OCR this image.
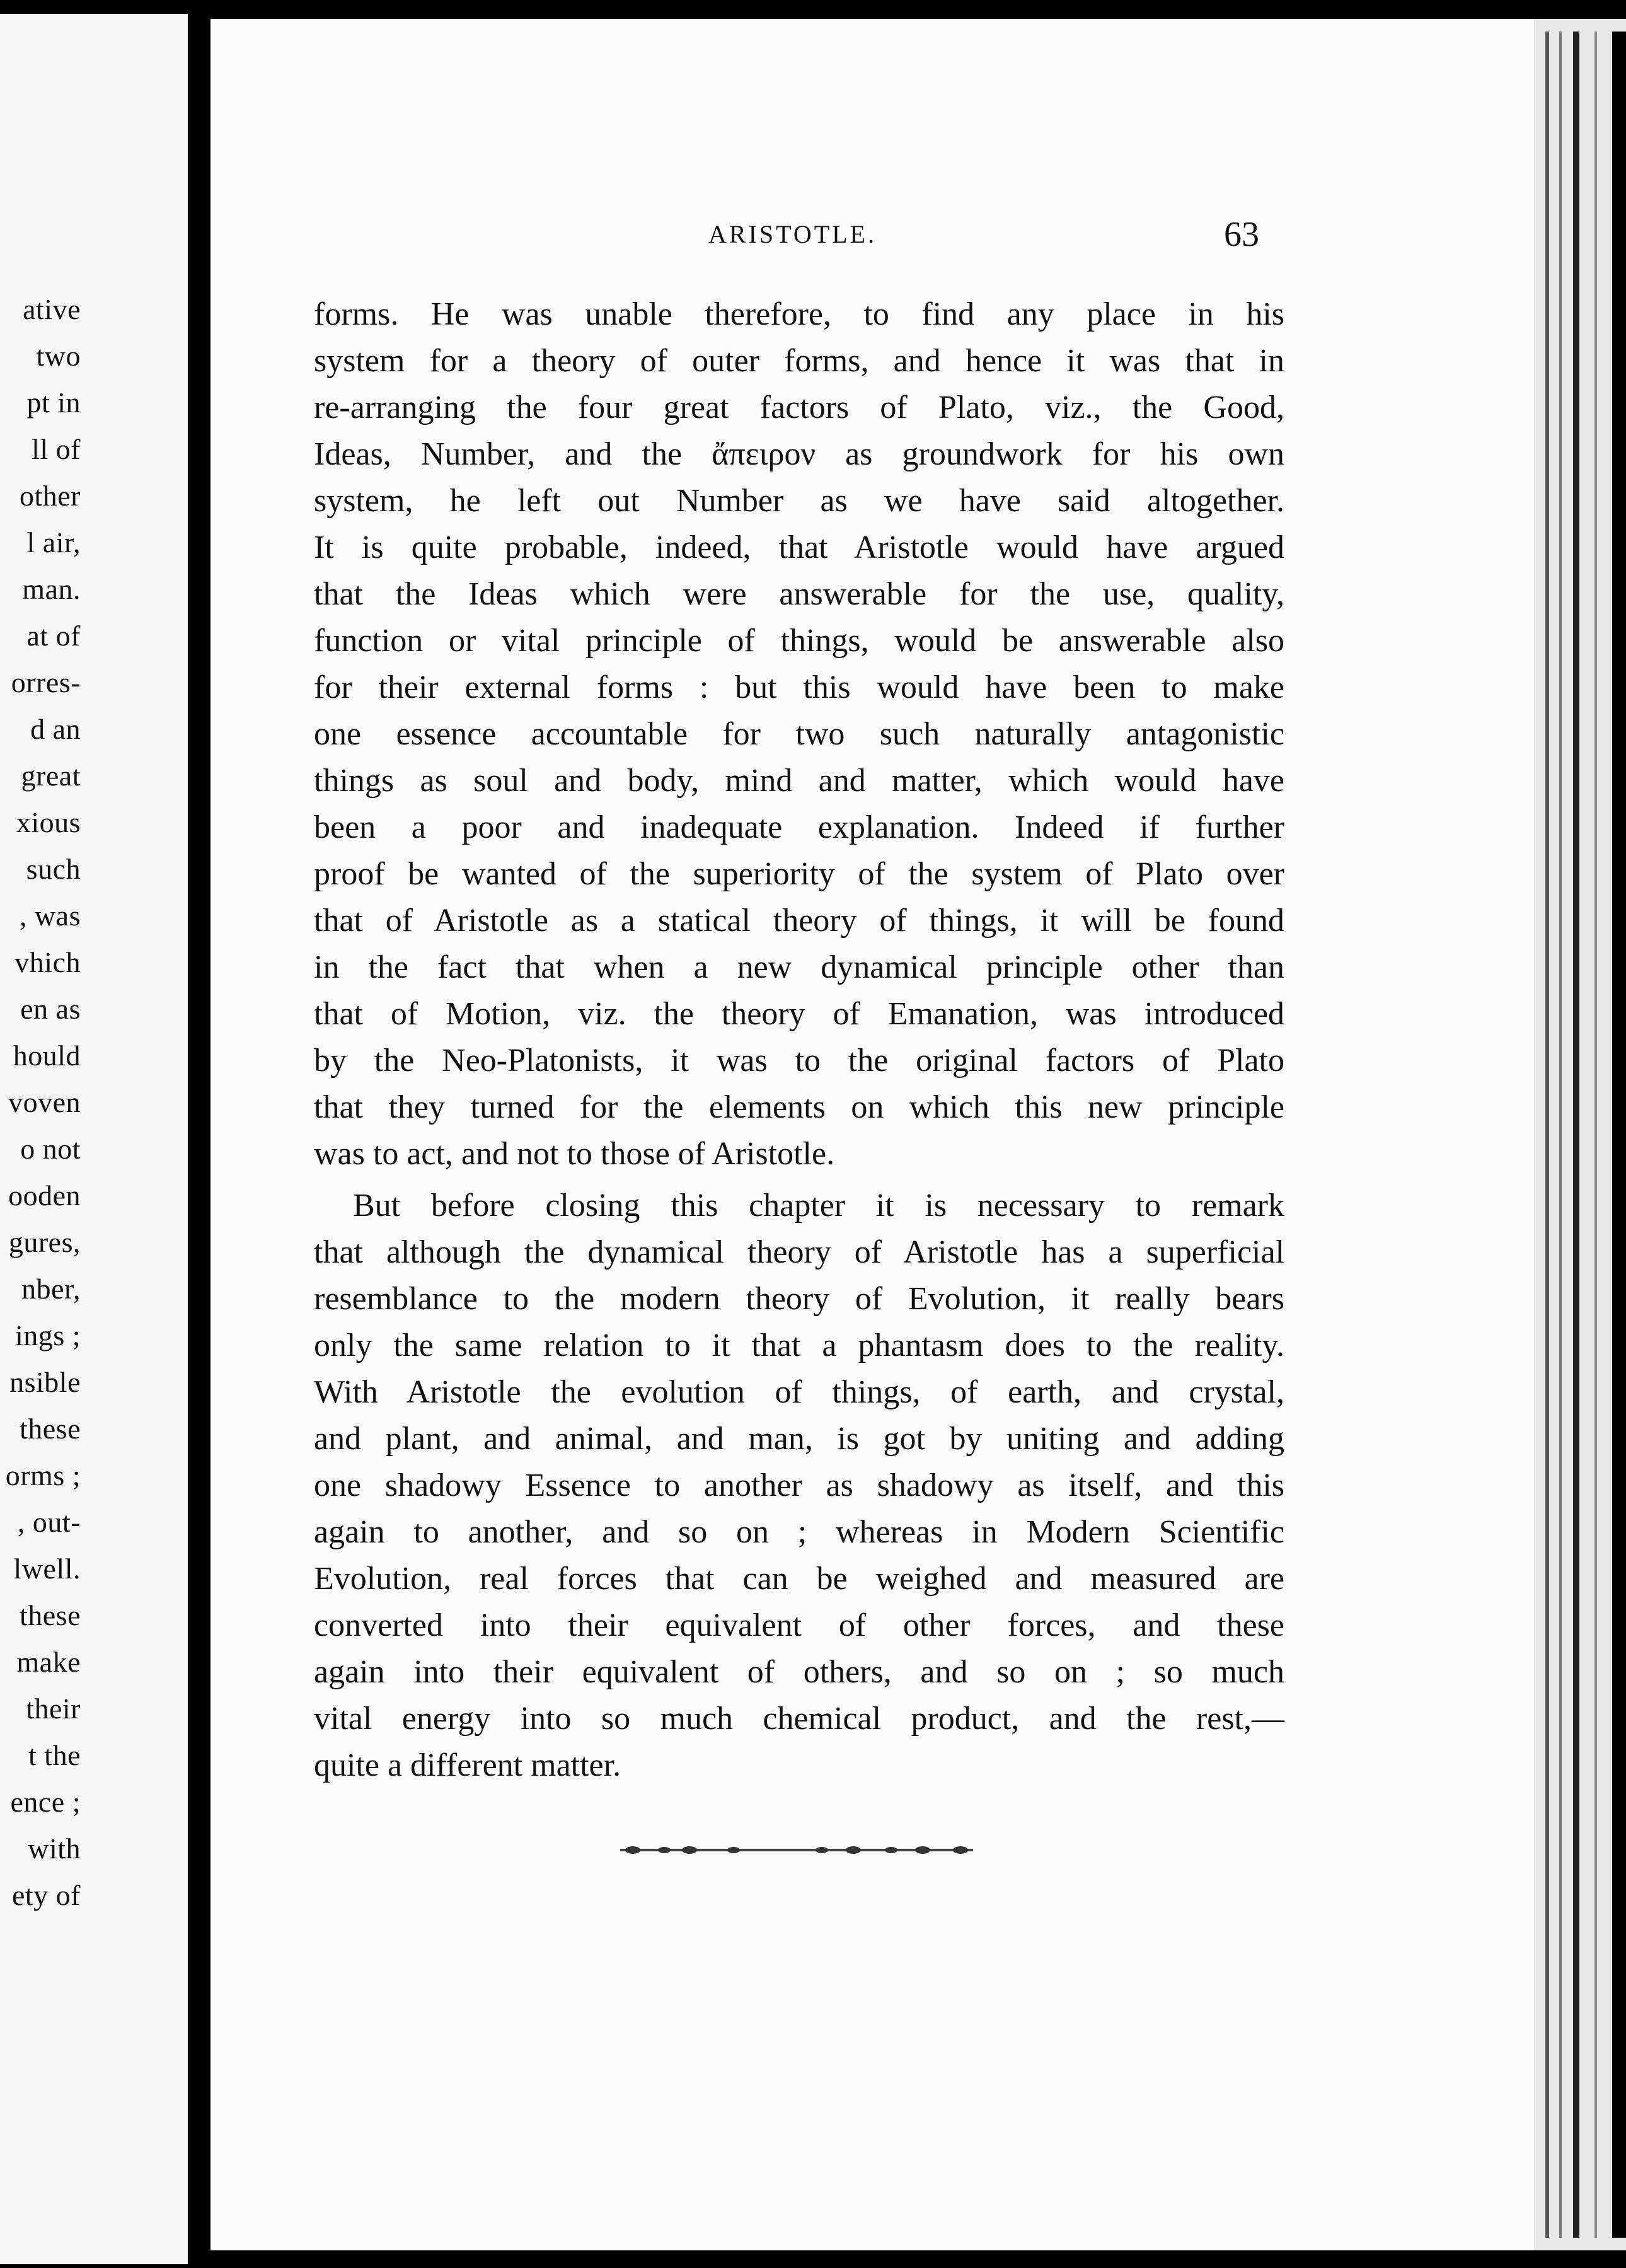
ative
two
pt in
ll of
other
l air,
man.
at of
orres-
d an
great
xious
such
, was
vhich
en as
hould
voven
o not
ooden
gures,
nber,
ings ;
nsible
these
orms ;
, out-
lwell.
these
make
their
t the
ence ;
with
ety of
ARISTOTLE.	63
forms. He was unable therefore, to find any place in his
system for a theory of outer forms, and hence it was that in
re-arranging the four great factors of Plato, viz., the Good,
Ideas, Number, and the ἄπειρον as groundwork for his own
system, he left out Number as we have said altogether.
It is quite probable, indeed, that Aristotle would have argued
that the Ideas which were answerable for the use, quality,
function or vital principle of things, would be answerable also
for their external forms : but this would have been to make
one essence accountable for two such naturally antagonistic
things as soul and body, mind and matter, which would have
been a poor and inadequate explanation. Indeed if further
proof be wanted of the superiority of the system of Plato over
that of Aristotle as a statical theory of things, it will be found
in the fact that when a new dynamical principle other than
that of Motion, viz. the theory of Emanation, was introduced
by the Neo-Platonists, it was to the original factors of Plato
that they turned for the elements on which this new principle
was to act, and not to those of Aristotle.
But before closing this chapter it is necessary to remark
that although the dynamical theory of Aristotle has a superficial
resemblance to the modern theory of Evolution, it really bears
only the same relation to it that a phantasm does to the reality.
With Aristotle the evolution of things, of earth, and crystal,
and plant, and animal, and man, is got by uniting and adding
one shadowy Essence to another as shadowy as itself, and this
again to another, and so on ; whereas in Modern Scientific
Evolution, real forces that can be weighed and measured are
converted into their equivalent of other forces, and these
again into their equivalent of others, and so on ; so much
vital energy into so much chemical product, and the rest,—
quite a different matter.
